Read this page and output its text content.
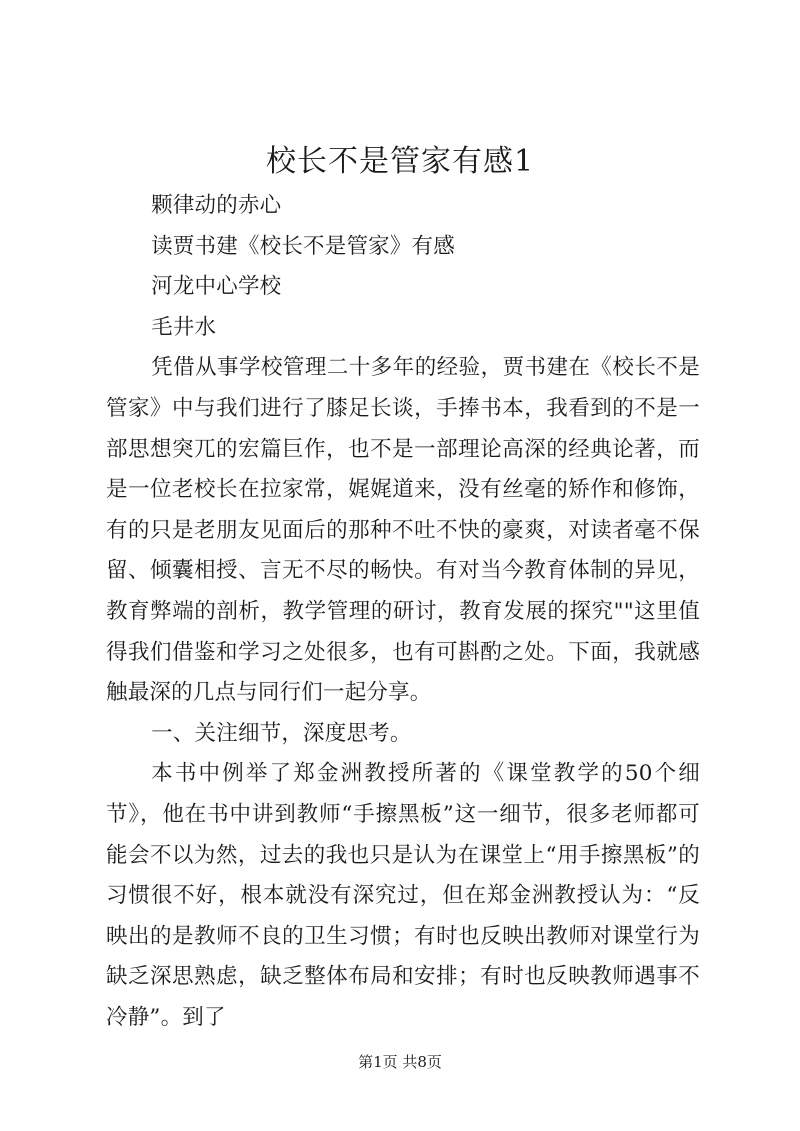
校长不是管家有感1

颗律动的赤心

读贾书建《校长不是管家》有感

河龙中心学校

毛井水

凭借从事学校管理二十多年的经验，贾书建在《校长不是管家》中与我们进行了膝足长谈，手捧书本，我看到的不是一部思想突兀的宏篇巨作，也不是一部理论高深的经典论著，而是一位老校长在拉家常，娓娓道来，没有丝毫的矫作和修饰，有的只是老朋友见面后的那种不吐不快的豪爽，对读者毫不保留、倾囊相授、言无不尽的畅快。有对当今教育体制的异见，教育弊端的剖析，教学管理的研讨，教育发展的探究""这里值得我们借鉴和学习之处很多，也有可斟酌之处。下面，我就感触最深的几点与同行们一起分享。

一、关注细节，深度思考。

本书中例举了郑金洲教授所著的《课堂教学的50个细节》，他在书中讲到教师“手擦黑板”这一细节，很多老师都可能会不以为然，过去的我也只是认为在课堂上“用手擦黑板”的习惯很不好，根本就没有深究过，但在郑金洲教授认为：“反映出的是教师不良的卫生习惯；有时也反映出教师对课堂行为缺乏深思熟虑，缺乏整体布局和安排；有时也反映教师遇事不冷静”。到了

第1页 共8页
